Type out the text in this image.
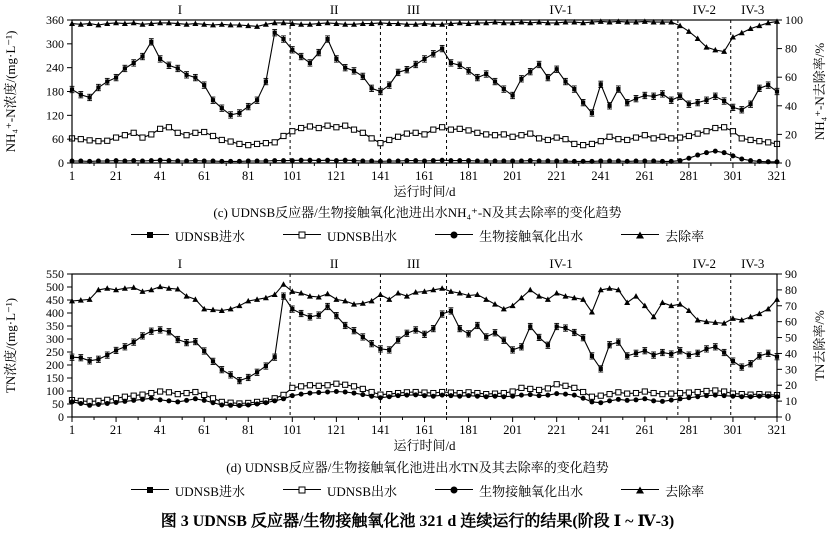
I	II	III	IV-1	IV-2 IV-3
1	21	41	61	81 101 121 141 161 181 201 221 241 261 281 301 321
运行时间/d
0
60
120
180
240
300
360
NH₄⁺-N浓度/(mg·L⁻¹)
0
20
40
60
80
100
NH₄⁺-N去除率/%
(c) UDNSB反应器/生物接触氧化池进出水NH₄⁺-N及其去除率的变化趋势
UDNSB进水	UDNSB出水	生物接触氧化出水	去除率
I	II	III	IV-1	IV-2 IV-3
1	21	41	61	81 101 121 141 161 181 201 221 241 261 281 301 321
运行时间/d
0
50
100
150
200
250
300
350
400
450
500
550
TN浓度/(mg·L⁻¹)
0
10
20
30
40
50
60
70
80
90
TN去除率/%
(d) UDNSB反应器/生物接触氧化池进出水TN及其去除率的变化趋势
UDNSB进水	UDNSB出水	生物接触氧化出水	去除率
图 3 UDNSB 反应器/生物接触氧化池 321 d 连续运行的结果(阶段 Ⅰ ~ Ⅳ-3)
